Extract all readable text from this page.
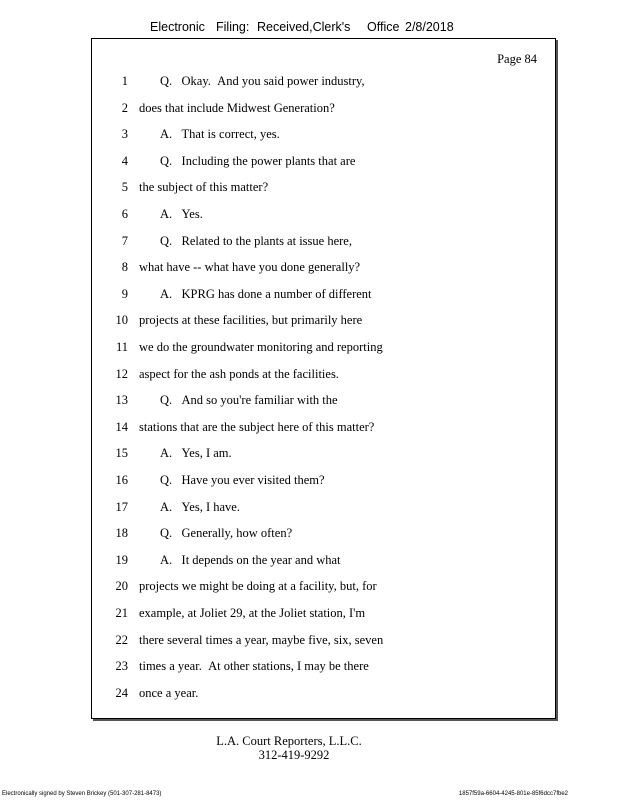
Electronic Filing: Received,Clerk's Office 2/8/2018
Page 84
1	Q.   Okay.  And you said power industry,
2 does that include Midwest Generation?
3	A.   That is correct, yes.
4	Q.   Including the power plants that are
5 the subject of this matter?
6	A.   Yes.
7	Q.   Related to the plants at issue here,
8 what have -- what have you done generally?
9	A.   KPRG has done a number of different
10 projects at these facilities, but primarily here
11 we do the groundwater monitoring and reporting
12 aspect for the ash ponds at the facilities.
13	Q.   And so you're familiar with the
14 stations that are the subject here of this matter?
15	A.   Yes, I am.
16	Q.   Have you ever visited them?
17	A.   Yes, I have.
18	Q.   Generally, how often?
19	A.   It depends on the year and what
20 projects we might be doing at a facility, but, for
21 example, at Joliet 29, at the Joliet station, I'm
22 there several times a year, maybe five, six, seven
23 times a year.  At other stations, I may be there
24 once a year.
L.A. Court Reporters, L.L.C.
312-419-9292
Electronically signed by Steven Brickey (501-307-281-8473)	1857f59a-6604-4245-801e-85f6dcc7fbe2
